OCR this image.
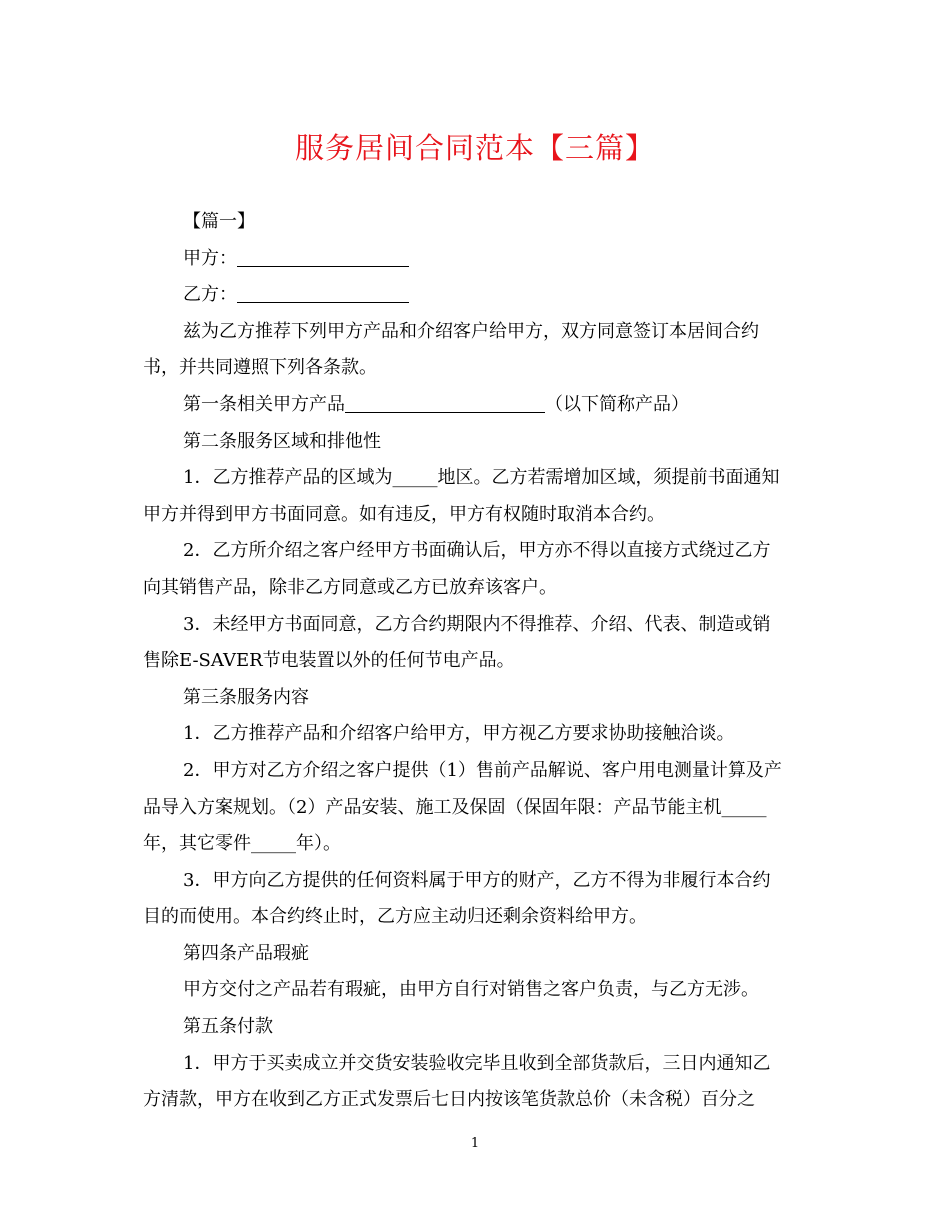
服务居间合同范本【三篇】
【篇一】
甲方：
乙方：
兹为乙方推荐下列甲方产品和介绍客户给甲方，双方同意签订本居间合约
书，并共同遵照下列各条款。
第一条相关甲方产品	（以下简称产品）
第二条服务区域和排他性
1．乙方推荐产品的区域为_____地区。乙方若需增加区域，须提前书面通知
甲方并得到甲方书面同意。如有违反，甲方有权随时取消本合约。
2．乙方所介绍之客户经甲方书面确认后，甲方亦不得以直接方式绕过乙方
向其销售产品，除非乙方同意或乙方已放弃该客户。
3．未经甲方书面同意，乙方合约期限内不得推荐、介绍、代表、制造或销
售除E-SAVER节电装置以外的任何节电产品。
第三条服务内容
1．乙方推荐产品和介绍客户给甲方，甲方视乙方要求协助接触洽谈。
2．甲方对乙方介绍之客户提供（1）售前产品解说、客户用电测量计算及产
品导入方案规划。（2）产品安装、施工及保固（保固年限：产品节能主机_____
年，其它零件_____年）。
3．甲方向乙方提供的任何资料属于甲方的财产，乙方不得为非履行本合约
目的而使用。本合约终止时，乙方应主动归还剩余资料给甲方。
第四条产品瑕疵
甲方交付之产品若有瑕疵，由甲方自行对销售之客户负责，与乙方无涉。
第五条付款
1．甲方于买卖成立并交货安装验收完毕且收到全部货款后，三日内通知乙
方清款，甲方在收到乙方正式发票后七日内按该笔货款总价（未含税）百分之
1
